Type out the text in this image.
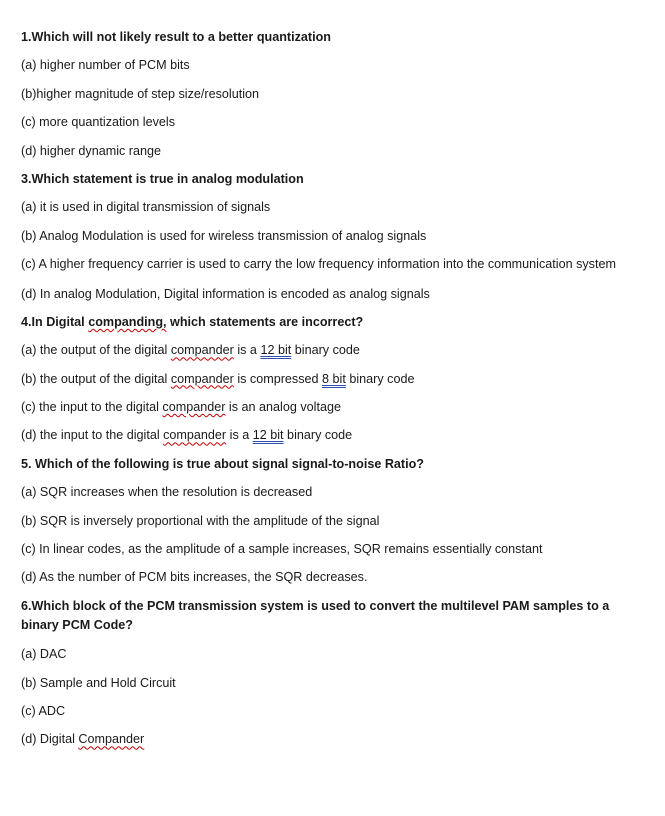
1.Which will not likely result to a better quantization
(a) higher number of PCM bits
(b)higher magnitude of step size/resolution
(c) more quantization levels
(d) higher dynamic range
3.Which statement is true in analog modulation
(a) it is used in digital transmission of signals
(b) Analog Modulation is used for wireless transmission of analog signals
(c) A higher frequency carrier is used to carry the low frequency information into the communication system
(d) In analog Modulation, Digital information is encoded as analog signals
4.In Digital companding, which statements are incorrect?
(a) the output of the digital compander is a 12 bit binary code
(b) the output of the digital compander is compressed 8 bit binary code
(c) the input to the digital compander is an analog voltage
(d) the input to the digital compander is a 12 bit binary code
5. Which of the following is true about signal signal-to-noise Ratio?
(a) SQR increases when the resolution is decreased
(b) SQR is inversely proportional with the amplitude of the signal
(c) In linear codes, as the amplitude of a sample increases, SQR remains essentially constant
(d) As the number of PCM bits increases, the SQR decreases.
6.Which block of the PCM transmission system is used to convert the multilevel PAM samples to a binary PCM Code?
(a) DAC
(b) Sample and Hold Circuit
(c) ADC
(d) Digital Compander
